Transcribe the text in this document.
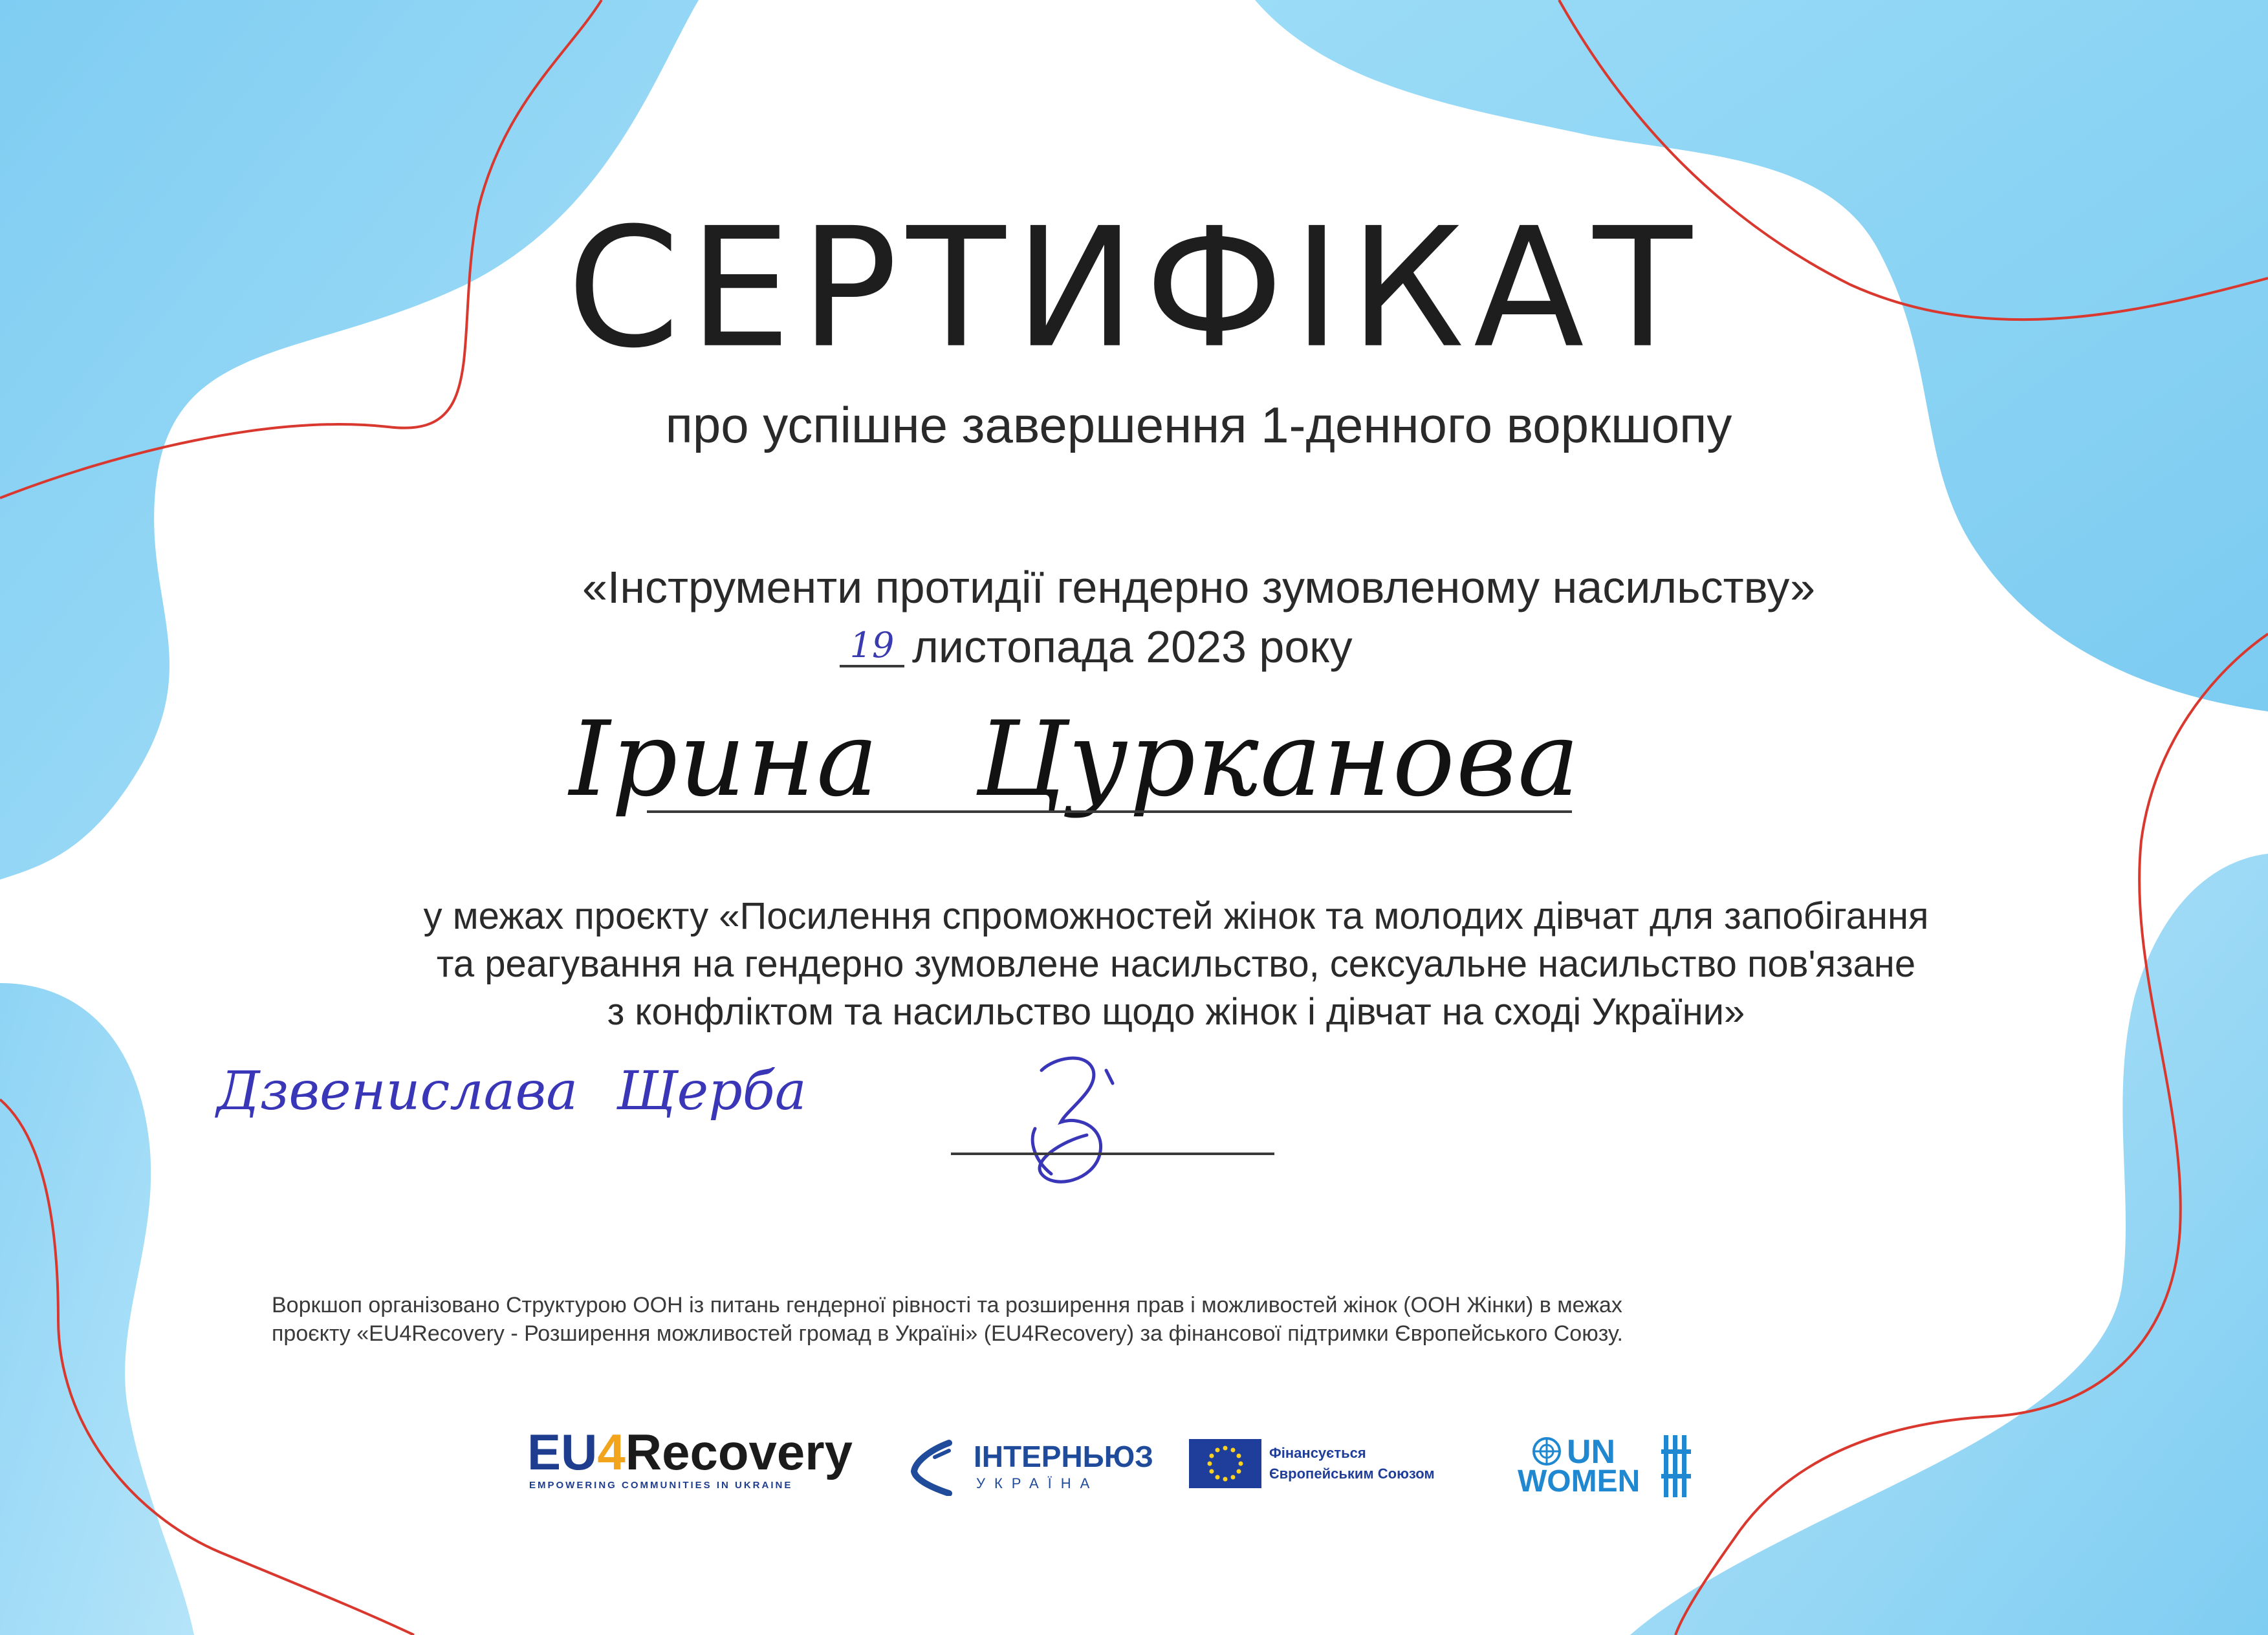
СЕРТИФІКАТ
про успішне завершення 1-денного воркшопу
«Інструменти протидії гендерно зумовленому насильству»
19 листопада 2023 року
Ірина Цурканова
у межах проєкту «Посилення спроможностей жінок та молодих дівчат для запобігання
та реагування на гендерно зумовлене насильство, сексуальне насильство пов'язане
з конфліктом та насильство щодо жінок і дівчат на сході України»
Дзвенислава Щерба
Воркшоп організовано Структурою ООН із питань гендерної рівності та розширення прав і можливостей жінок (ООН Жінки) в межах
проєкту «EU4Recovery - Розширення можливостей громад в Україні» (EU4Recovery) за фінансової підтримки Європейського Союзу.
EU4Recovery
EMPOWERING COMMUNITIES IN UKRAINE
ІНТЕРНЬЮЗ
УКРАЇНА
Фінансується
Європейським Союзом
UN
WOMEN
